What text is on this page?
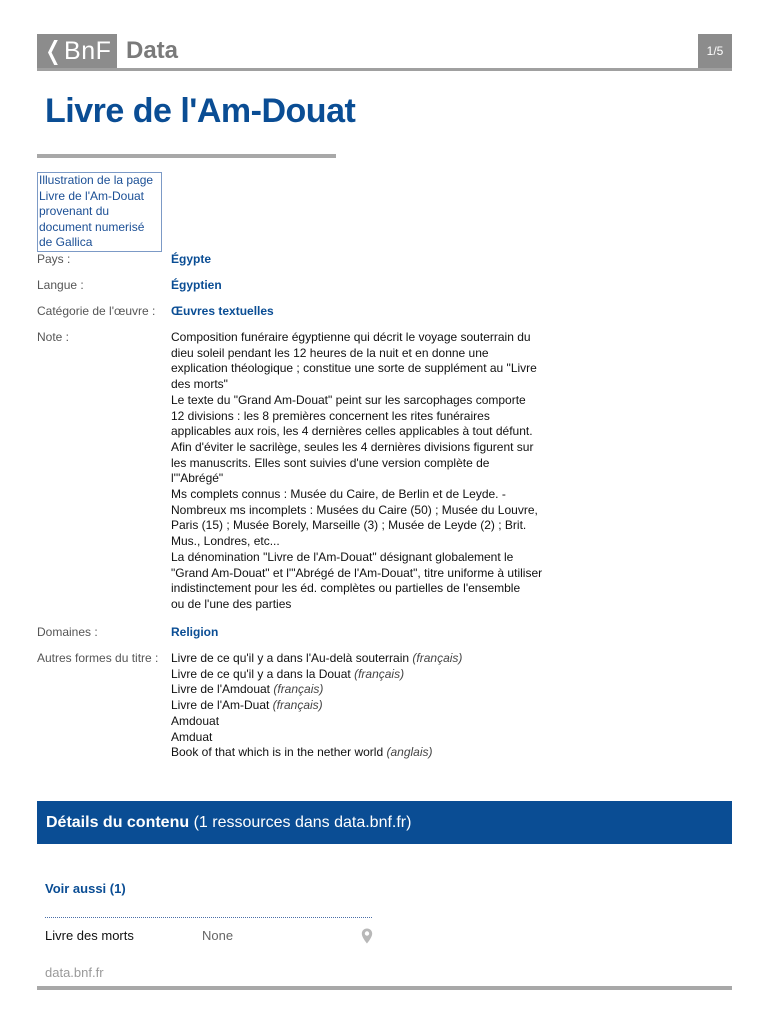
❬BnF Data	1/5
Livre de l'Am-Douat
Illustration de la page Livre de l'Am-Douat provenant du document numerisé de Gallica
Pays :	Égypte
Langue :	Égyptien
Catégorie de l'œuvre : Œuvres textuelles
Note :	Composition funéraire égyptienne qui décrit le voyage souterrain du
dieu soleil pendant les 12 heures de la nuit et en donne une
explication théologique ; constitue une sorte de supplément au "Livre
des morts"
Le texte du "Grand Am-Douat" peint sur les sarcophages comporte
12 divisions : les 8 premières concernent les rites funéraires
applicables aux rois, les 4 dernières celles applicables à tout défunt.
Afin d'éviter le sacrilège, seules les 4 dernières divisions figurent sur
les manuscrits. Elles sont suivies d'une version complète de
l'"Abrégé"
Ms complets connus : Musée du Caire, de Berlin et de Leyde. -
Nombreux ms incomplets : Musées du Caire (50) ; Musée du Louvre,
Paris (15) ; Musée Borely, Marseille (3) ; Musée de Leyde (2) ; Brit.
Mus., Londres, etc...
La dénomination "Livre de l'Am-Douat" désignant globalement le
"Grand Am-Douat" et l'"Abrégé de l'Am-Douat", titre uniforme à utiliser
indistinctement pour les éd. complètes ou partielles de l'ensemble
ou de l'une des parties
Domaines :	Religion
Autres formes du titre : Livre de ce qu'il y a dans l'Au-delà souterrain (français)
Livre de ce qu'il y a dans la Douat (français)
Livre de l'Amdouat (français)
Livre de l'Am-Duat (français)
Amdouat
Amduat
Book of that which is in the nether world (anglais)
Détails du contenu (1 ressources dans data.bnf.fr)
Voir aussi (1)
Livre des morts	None
data.bnf.fr
